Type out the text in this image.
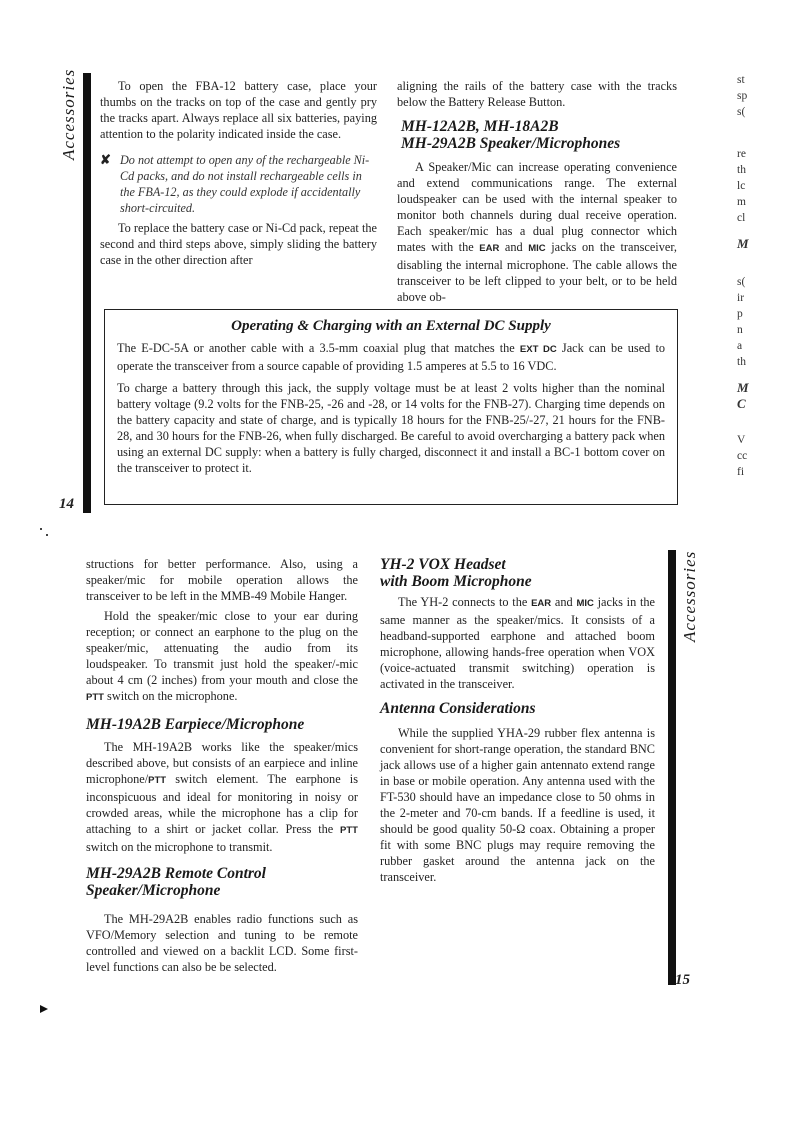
Accessories
14

To open the FBA-12 battery case, place your thumbs on the tracks on top of the case and gently pry the tracks apart. Always replace all six batteries, paying attention to the polarity indicated inside the case.

✘ Do not attempt to open any of the rechargeable Ni-Cd packs, and do not install rechargeable cells in the FBA-12, as they could explode if accidentally short-circuited.

To replace the battery case or Ni-Cd pack, repeat the second and third steps above, simply sliding the battery case in the other direction after

aligning the rails of the battery case with the tracks below the Battery Release Button.

MH-12A2B, MH-18A2B

MH-29A2B Speaker/Microphones

A Speaker/Mic can increase operating convenience and extend communications range. The external loudspeaker can be used with the internal speaker to monitor both channels during dual receive operation. Each speaker/mic has a dual plug connector which mates with the EAR and MIC jacks on the transceiver, disabling the internal microphone. The cable allows the transceiver to be left clipped to your belt, or to be held above ob-

Operating & Charging with an External DC Supply

The E-DC-5A or another cable with a 3.5-mm coaxial plug that matches the EXT DC Jack can be used to operate the transceiver from a source capable of providing 1.5 amperes at 5.5 to 16 VDC.

To charge a battery through this jack, the supply voltage must be at least 2 volts higher than the nominal battery voltage (9.2 volts for the FNB-25, -26 and -28, or 14 volts for the FNB-27). Charging time depends on the battery capacity and state of charge, and is typically 18 hours for the FNB-25/-27, 21 hours for the FNB-28, and 30 hours for the FNB-26, when fully discharged. Be careful to avoid overcharging a battery pack when using an external DC supply: when a battery is fully charged, disconnect it and install a BC-1 bottom cover on the transceiver to protect it.

st
sp
s(
re
th
lc
m
cl
M
s(
ir
p
n
a
th
M
C
V
cc
fi

structions for better performance. Also, using a speaker/mic for mobile operation allows the transceiver to be left in the MMB-49 Mobile Hanger.

Hold the speaker/mic close to your ear during reception; or connect an earphone to the plug on the speaker/mic, attenuating the audio from its loudspeaker. To transmit just hold the speaker/-mic about 4 cm (2 inches) from your mouth and close the PTT switch on the microphone.

MH-19A2B Earpiece/Microphone

The MH-19A2B works like the speaker/mics described above, but consists of an earpiece and inline microphone/PTT switch element. The earphone is inconspicuous and ideal for monitoring in noisy or crowded areas, while the microphone has a clip for attaching to a shirt or jacket collar. Press the PTT switch on the microphone to transmit.

MH-29A2B Remote Control Speaker/Microphone

The MH-29A2B enables radio functions such as VFO/Memory selection and tuning to be remote controlled and viewed on a backlit LCD. Some first-level functions can also be be selected.

YH-2 VOX Headset

with Boom Microphone

The YH-2 connects to the EAR and MIC jacks in the same manner as the speaker/mics. It consists of a headband-supported earphone and attached boom microphone, allowing hands-free operation when VOX (voice-actuated transmit switching) operation is activated in the transceiver.

Antenna Considerations

While the supplied YHA-29 rubber flex antenna is convenient for short-range operation, the standard BNC jack allows use of a higher gain antennato extend range in base or mobile operation. Any antenna used with the FT-530 should have an impedance close to 50 ohms in the 2-meter and 70-cm bands. If a feedline is used, it should be good quality 50-Ω coax. Obtaining a proper fit with some BNC plugs may require removing the rubber gasket around the antenna jack on the transceiver.

Accessories
15
